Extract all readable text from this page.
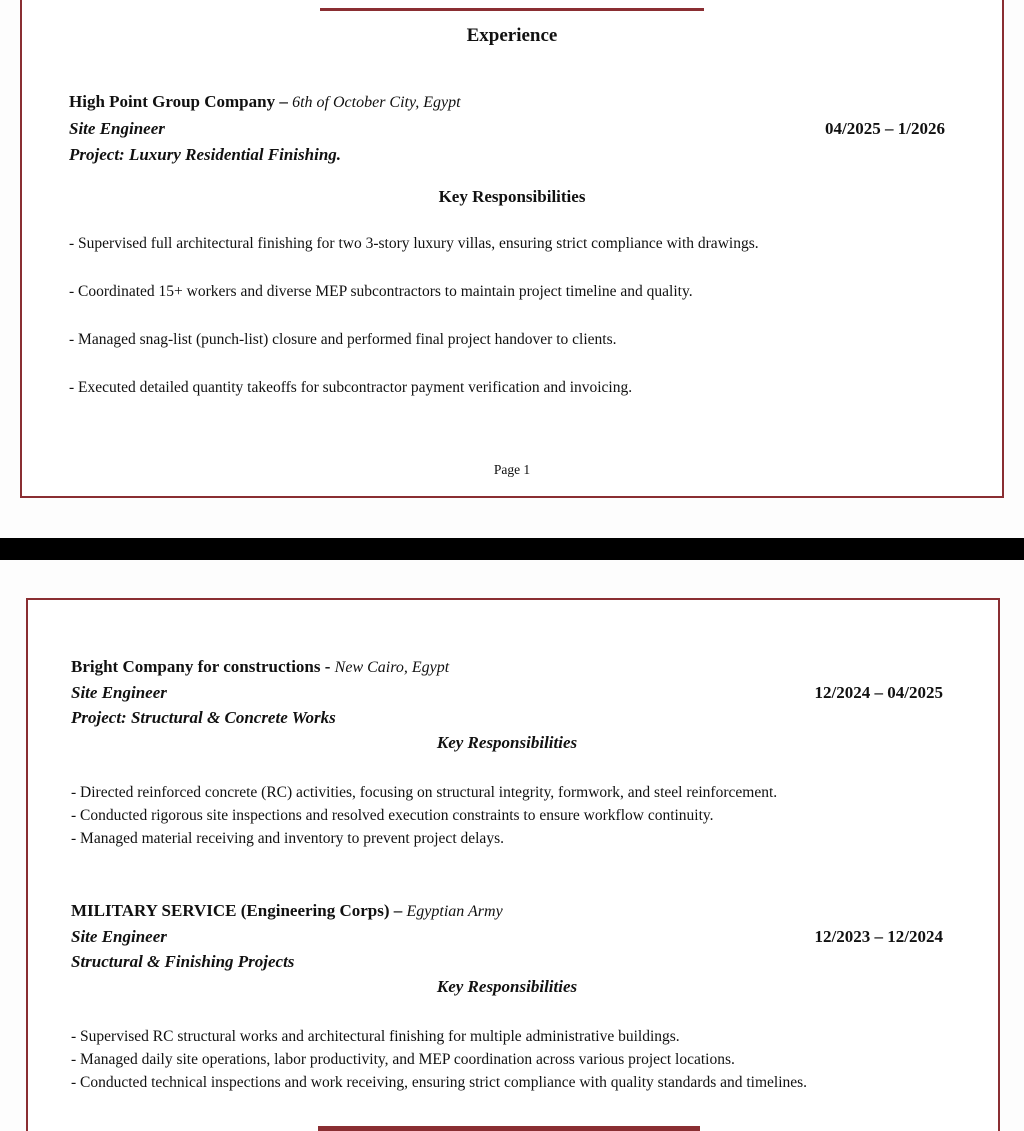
Experience
High Point Group Company – 6th of October City, Egypt
Site Engineer	04/2025 – 1/2026
Project: Luxury Residential Finishing.
Key Responsibilities

- Supervised full architectural finishing for two 3-story luxury villas, ensuring strict compliance with drawings.

- Coordinated 15+ workers and diverse MEP subcontractors to maintain project timeline and quality.

- Managed snag-list (punch-list) closure and performed final project handover to clients.

- Executed detailed quantity takeoffs for subcontractor payment verification and invoicing.

Page 1
Bright Company for constructions - New Cairo, Egypt
Site Engineer	12/2024 – 04/2025
Project: Structural & Concrete Works
Key Responsibilities

- Directed reinforced concrete (RC) activities, focusing on structural integrity, formwork, and steel reinforcement.

- Conducted rigorous site inspections and resolved execution constraints to ensure workflow continuity.

- Managed material receiving and inventory to prevent project delays.

MILITARY SERVICE (Engineering Corps) – Egyptian Army
Site Engineer	12/2023 – 12/2024
Structural & Finishing Projects
Key Responsibilities

- Supervised RC structural works and architectural finishing for multiple administrative buildings.

- Managed daily site operations, labor productivity, and MEP coordination across various project locations.

- Conducted technical inspections and work receiving, ensuring strict compliance with quality standards and timelines.
